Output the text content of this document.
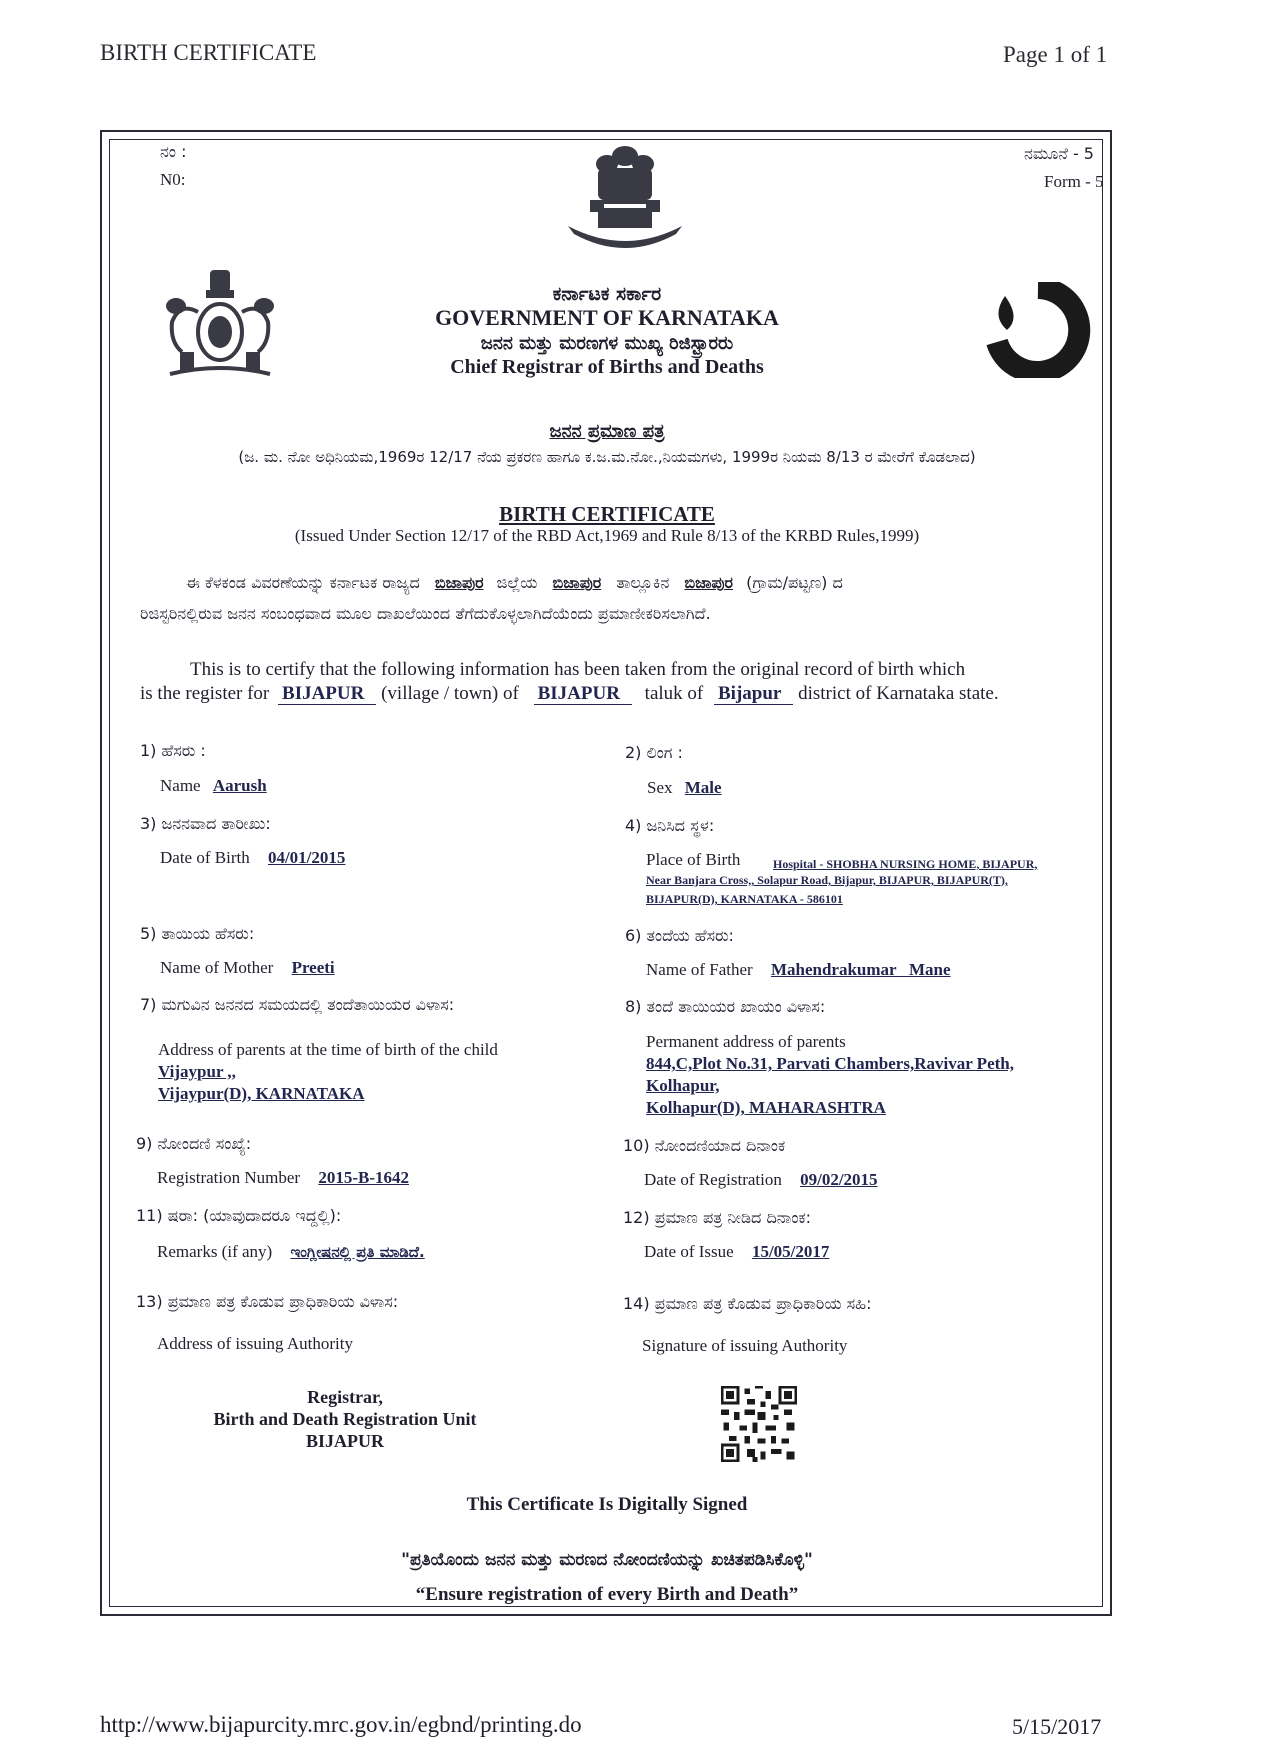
BIRTH CERTIFICATE	Page 1 of 1
ನಂ :
N0:
ನಮೂನೆ - 5
Form - 5
ಕರ್ನಾಟಕ ಸರ್ಕಾರ
GOVERNMENT OF KARNATAKA
ಜನನ ಮತ್ತು ಮರಣಗಳ ಮುಖ್ಯ ರಿಜಿಸ್ಟ್ರಾರರು
Chief Registrar of Births and Deaths
ಜನನ ಪ್ರಮಾಣ ಪತ್ರ
(ಜ. ಮ. ನೋ ಅಧಿನಿಯಮ,1969ರ 12/17 ನೆಯ ಪ್ರಕರಣ ಹಾಗೂ ಕ.ಜ.ಮ.ನೋ.,ನಿಯಮಗಳು, 1999ರ ನಿಯಮ 8/13 ರ ಮೇರೆಗೆ ಕೊಡಲಾದ)
BIRTH CERTIFICATE
(Issued Under Section 12/17 of the RBD Act,1969 and Rule 8/13 of the KRBD Rules,1999)
ಈ ಕೆಳಕಂಡ ವಿವರಣೆಯನ್ನು ಕರ್ನಾಟಕ ರಾಜ್ಯದ ಬಿಜಾಪುರ ಜಿಲ್ಲೆಯ ಬಿಜಾಪುರ ತಾಲ್ಲೂಕಿನ ಬಿಜಾಪುರ (ಗ್ರಾಮ/ಪಟ್ಟಣ) ದ
ರಿಜಿಸ್ಟರಿನಲ್ಲಿರುವ ಜನನ ಸಂಬಂಧವಾದ ಮೂಲ ದಾಖಲೆಯಿಂದ ತೆಗೆದುಕೊಳ್ಳಲಾಗಿದೆಯೆಂದು ಪ್ರಮಾಣೀಕರಿಸಲಾಗಿದೆ.
This is to certify that the following information has been taken from the original record of birth which
is the register for BIJAPUR (village / town) of BIJAPUR taluk of Bijapur district of Karnataka state.
1) ಹೆಸರು :
Name Aarush
2) ಲಿಂಗ :
Sex Male
3) ಜನನವಾದ ತಾರೀಖು:
Date of Birth 04/01/2015
4) ಜನಿಸಿದ ಸ್ಥಳ:
Place of Birth	Hospital - SHOBHA NURSING HOME, BIJAPUR,
Near Banjara Cross,, Solapur Road, Bijapur, BIJAPUR, BIJAPUR(T),
BIJAPUR(D), KARNATAKA - 586101
5) ತಾಯಿಯ ಹೆಸರು:
Name of Mother Preeti
6) ತಂದೆಯ ಹೆಸರು:
Name of Father Mahendrakumar   Mane
7) ಮಗುವಿನ ಜನನದ ಸಮಯದಲ್ಲಿ ತಂದೆತಾಯಿಯರ ವಿಳಾಸ:
Address of parents at the time of birth of the child
Vijaypur ,,
Vijaypur(D), KARNATAKA
8) ತಂದೆ ತಾಯಿಯರ ಖಾಯಂ ವಿಳಾಸ:
Permanent address of parents
844,C,Plot No.31, Parvati Chambers,Ravivar Peth,
Kolhapur,
Kolhapur(D), MAHARASHTRA
9) ನೋಂದಣಿ ಸಂಖ್ಯೆ:
Registration Number 2015-B-1642
10) ನೋಂದಣಿಯಾದ ದಿನಾಂಕ
Date of Registration 09/02/2015
11) ಷರಾ: (ಯಾವುದಾದರೂ ಇದ್ದಲ್ಲಿ):
Remarks (if any) ಇಂಗ್ಲೀಷನಲ್ಲಿ ಪ್ರತಿ ಮಾಡಿದೆ.
12) ಪ್ರಮಾಣ ಪತ್ರ ನೀಡಿದ ದಿನಾಂಕ:
Date of Issue 15/05/2017
13) ಪ್ರಮಾಣ ಪತ್ರ ಕೊಡುವ ಪ್ರಾಧಿಕಾರಿಯ ವಿಳಾಸ:
Address of issuing Authority
14) ಪ್ರಮಾಣ ಪತ್ರ ಕೊಡುವ ಪ್ರಾಧಿಕಾರಿಯ ಸಹಿ:
Signature of issuing Authority
Registrar,
Birth and Death Registration Unit
BIJAPUR
This Certificate Is Digitally Signed
"ಪ್ರತಿಯೊಂದು ಜನನ ಮತ್ತು ಮರಣದ ನೋಂದಣಿಯನ್ನು ಖಚಿತಪಡಿಸಿಕೊಳ್ಳಿ"
“Ensure registration of every Birth and Death”
http://www.bijapurcity.mrc.gov.in/egbnd/printing.do	5/15/2017
